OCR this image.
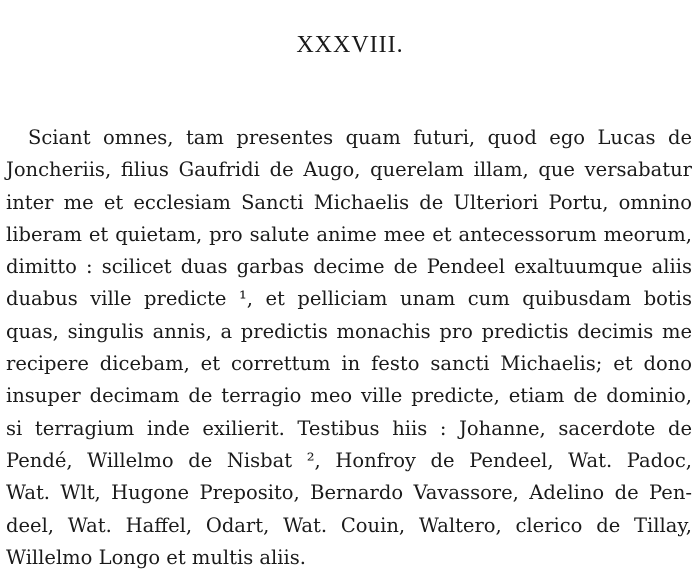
XXXVIII.
Sciant omnes, tam presentes quam futuri, quod ego Lucas de
Joncheriis, filius Gaufridi de Augo, querelam illam, que versabatur
inter me et ecclesiam Sancti Michaelis de Ulteriori Portu, omnino
liberam et quietam, pro salute anime mee et antecessorum meorum,
dimitto : scilicet duas garbas decime de Pendeel exaltuumque aliis
duabus ville predicte ¹, et pelliciam unam cum quibusdam botis
quas, singulis annis, a predictis monachis pro predictis decimis me
recipere dicebam, et correttum in festo sancti Michaelis; et dono
insuper decimam de terragio meo ville predicte, etiam de dominio,
si terragium inde exilierit. Testibus hiis : Johanne, sacerdote de
Pendé, Willelmo de Nisbat ², Honfroy de Pendeel, Wat. Padoc,
Wat. Wlt, Hugone Preposito, Bernardo Vavassore, Adelino de Pen-
deel, Wat. Haffel, Odart, Wat. Couin, Waltero, clerico de Tillay,
Willelmo Longo et multis aliis.
